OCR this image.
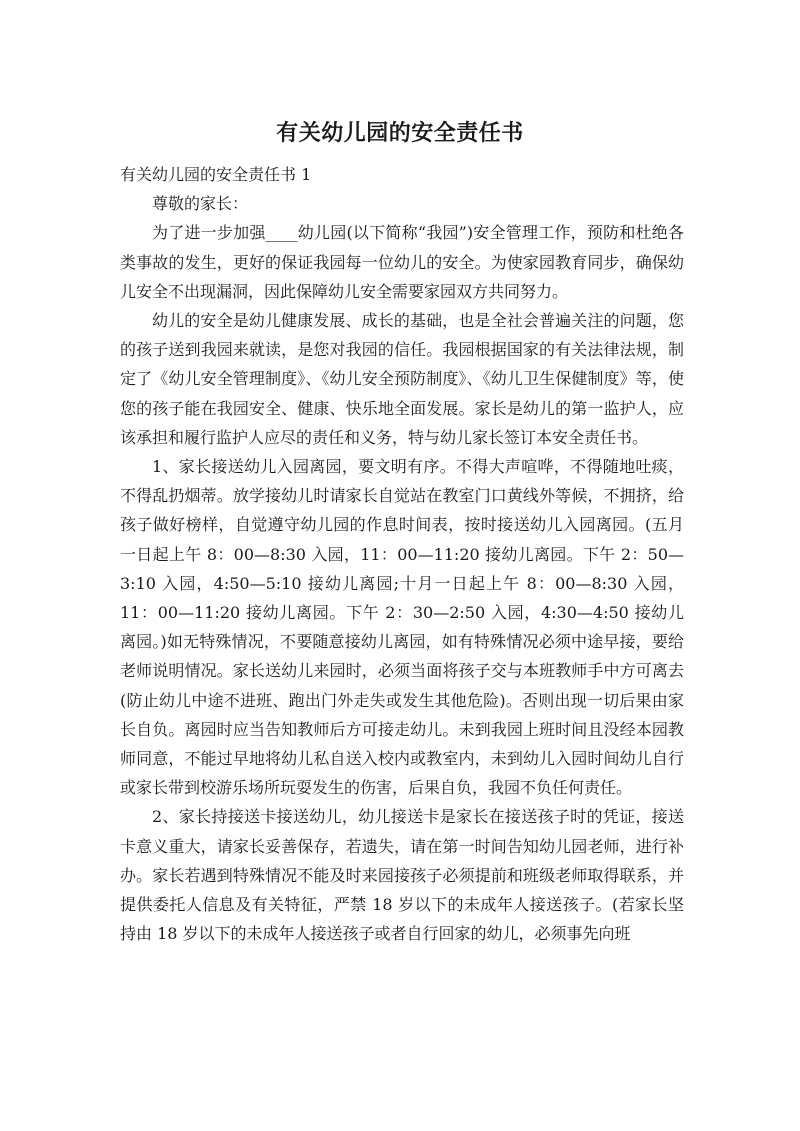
有关幼儿园的安全责任书

有关幼儿园的安全责任书 1

尊敬的家长：

为了进一步加强____幼儿园(以下简称“我园”)安全管理工作，预防和杜绝各类事故的发生，更好的保证我园每一位幼儿的安全。为使家园教育同步，确保幼儿安全不出现漏洞，因此保障幼儿安全需要家园双方共同努力。

幼儿的安全是幼儿健康发展、成长的基础，也是全社会普遍关注的问题，您的孩子送到我园来就读，是您对我园的信任。我园根据国家的有关法律法规，制定了《幼儿安全管理制度》、《幼儿安全预防制度》、《幼儿卫生保健制度》等，使您的孩子能在我园安全、健康、快乐地全面发展。家长是幼儿的第一监护人，应该承担和履行监护人应尽的责任和义务，特与幼儿家长签订本安全责任书。

1、家长接送幼儿入园离园，要文明有序。不得大声喧哗，不得随地吐痰，不得乱扔烟蒂。放学接幼儿时请家长自觉站在教室门口黄线外等候，不拥挤，给孩子做好榜样，自觉遵守幼儿园的作息时间表，按时接送幼儿入园离园。(五月一日起上午 8：00—8:30 入园，11：00—11:20 接幼儿离园。下午 2：50—3:10 入园，4:50—5:10 接幼儿离园;十月一日起上午 8：00—8:30 入园，11：00—11:20 接幼儿离园。下午 2：30—2:50 入园，4:30—4:50 接幼儿离园。)如无特殊情况，不要随意接幼儿离园，如有特殊情况必须中途早接，要给老师说明情况。家长送幼儿来园时，必须当面将孩子交与本班教师手中方可离去(防止幼儿中途不进班、跑出门外走失或发生其他危险)。否则出现一切后果由家长自负。离园时应当告知教师后方可接走幼儿。未到我园上班时间且没经本园教师同意，不能过早地将幼儿私自送入校内或教室内，未到幼儿入园时间幼儿自行或家长带到校游乐场所玩耍发生的伤害，后果自负，我园不负任何责任。

2、家长持接送卡接送幼儿，幼儿接送卡是家长在接送孩子时的凭证，接送卡意义重大，请家长妥善保存，若遗失，请在第一时间告知幼儿园老师，进行补办。家长若遇到特殊情况不能及时来园接孩子必须提前和班级老师取得联系，并提供委托人信息及有关特征，严禁 18 岁以下的未成年人接送孩子。(若家长坚持由 18 岁以下的未成年人接送孩子或者自行回家的幼儿，必须事先向班
